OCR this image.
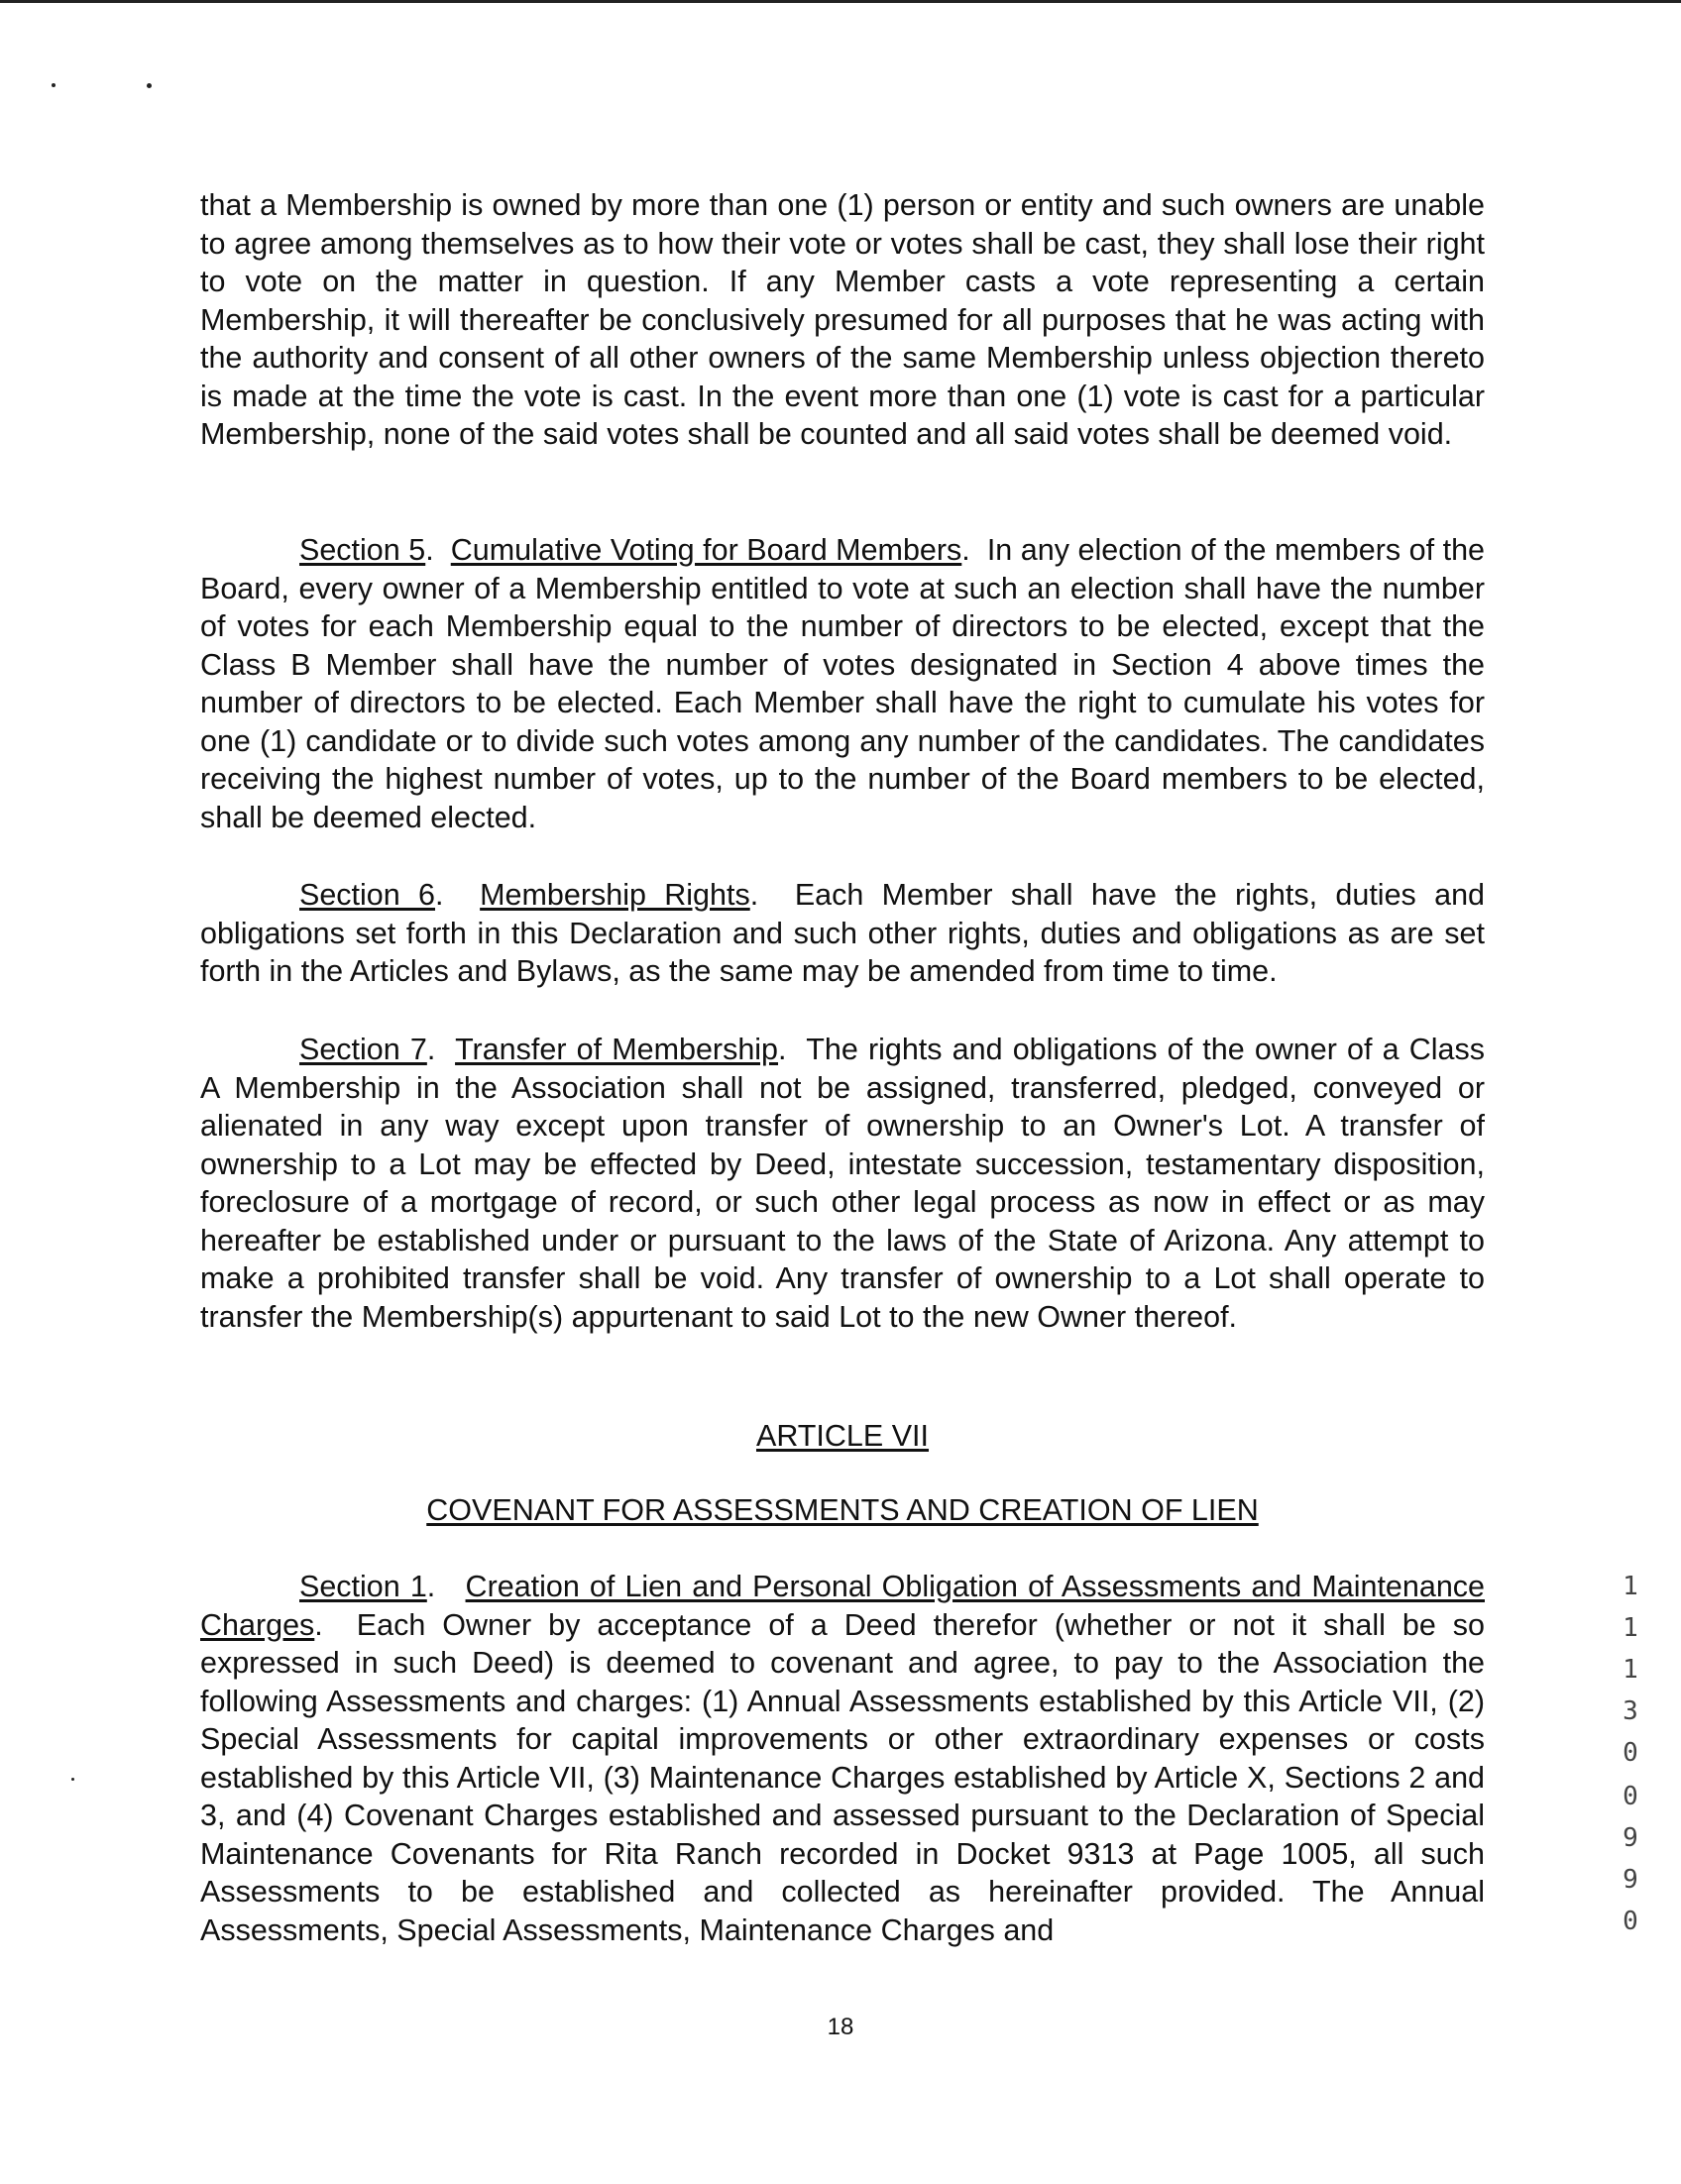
that a Membership is owned by more than one (1) person or entity and such owners are unable to agree among themselves as to how their vote or votes shall be cast, they shall lose their right to vote on the matter in question. If any Member casts a vote representing a certain Membership, it will thereafter be conclusively presumed for all purposes that he was acting with the authority and consent of all other owners of the same Membership unless objection thereto is made at the time the vote is cast. In the event more than one (1) vote is cast for a particular Membership, none of the said votes shall be counted and all said votes shall be deemed void.
Section 5.  Cumulative Voting for Board Members.  In any election of the members of the Board, every owner of a Membership entitled to vote at such an election shall have the number of votes for each Membership equal to the number of directors to be elected, except that the Class B Member shall have the number of votes designated in Section 4 above times the number of directors to be elected. Each Member shall have the right to cumulate his votes for one (1) candidate or to divide such votes among any number of the candidates. The candidates receiving the highest number of votes, up to the number of the Board members to be elected, shall be deemed elected.
Section 6.  Membership Rights.  Each Member shall have the rights, duties and obligations set forth in this Declaration and such other rights, duties and obligations as are set forth in the Articles and Bylaws, as the same may be amended from time to time.
Section 7.  Transfer of Membership.  The rights and obligations of the owner of a Class A Membership in the Association shall not be assigned, transferred, pledged, conveyed or alienated in any way except upon transfer of ownership to an Owner's Lot. A transfer of ownership to a Lot may be effected by Deed, intestate succession, testamentary disposition, foreclosure of a mortgage of record, or such other legal process as now in effect or as may hereafter be established under or pursuant to the laws of the State of Arizona. Any attempt to make a prohibited transfer shall be void. Any transfer of ownership to a Lot shall operate to transfer the Membership(s) appurtenant to said Lot to the new Owner thereof.
ARTICLE VII
COVENANT FOR ASSESSMENTS AND CREATION OF LIEN
Section 1.   Creation of Lien and Personal Obligation of Assessments and Maintenance Charges.  Each Owner by acceptance of a Deed therefor (whether or not it shall be so expressed in such Deed) is deemed to covenant and agree, to pay to the Association the following Assessments and charges: (1) Annual Assessments established by this Article VII, (2) Special Assessments for capital improvements or other extraordinary expenses or costs established by this Article VII, (3) Maintenance Charges established by Article X, Sections 2 and 3, and (4) Covenant Charges established and assessed pursuant to the Declaration of Special Maintenance Covenants for Rita Ranch recorded in Docket 9313 at Page 1005, all such Assessments to be established and collected as hereinafter provided. The Annual Assessments, Special Assessments, Maintenance Charges and
18
11130
0990
